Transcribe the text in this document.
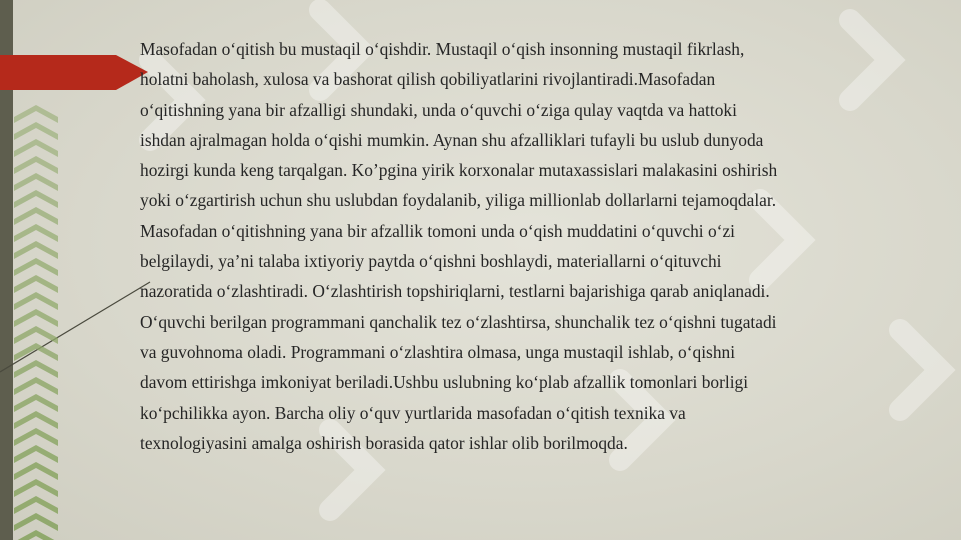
Masofadan o‘qitish bu mustaqil o‘qishdir. Mustaqil o‘qish insonning mustaqil fikrlash,
holatni baholash, xulosa va bashorat qilish qobiliyatlarini rivojlantiradi.Masofadan
o‘qitishning yana bir afzalligi shundaki, unda o‘quvchi o‘ziga qulay vaqtda va hattoki
ishdan ajralmagan holda o‘qishi mumkin. Aynan shu afzalliklari tufayli bu uslub dunyoda
hozirgi kunda keng tarqalgan. Ko’pgina yirik korxonalar mutaxassislari malakasini oshirish
yoki o‘zgartirish uchun shu uslubdan foydalanib, yiliga millionlab dollarlarni tejamoqdalar.
Masofadan o‘qitishning yana bir afzallik tomoni unda o‘qish muddatini o‘quvchi o‘zi
belgilaydi, ya’ni talaba ixtiyoriy paytda o‘qishni boshlaydi, materiallarni o‘qituvchi
nazoratida o‘zlashtiradi. O‘zlashtirish topshiriqlarni, testlarni bajarishiga qarab aniqlanadi.
O‘quvchi berilgan programmani qanchalik tez o‘zlashtirsa, shunchalik tez o‘qishni tugatadi
va guvohnoma oladi. Programmani o‘zlashtira olmasa, unga mustaqil ishlab, o‘qishni
davom ettirishga imkoniyat beriladi.Ushbu uslubning ko‘plab afzallik tomonlari borligi
ko‘pchilikka ayon. Barcha oliy o‘quv yurtlarida masofadan o‘qitish texnika va
texnologiyasini amalga oshirish borasida qator ishlar olib borilmoqda.
